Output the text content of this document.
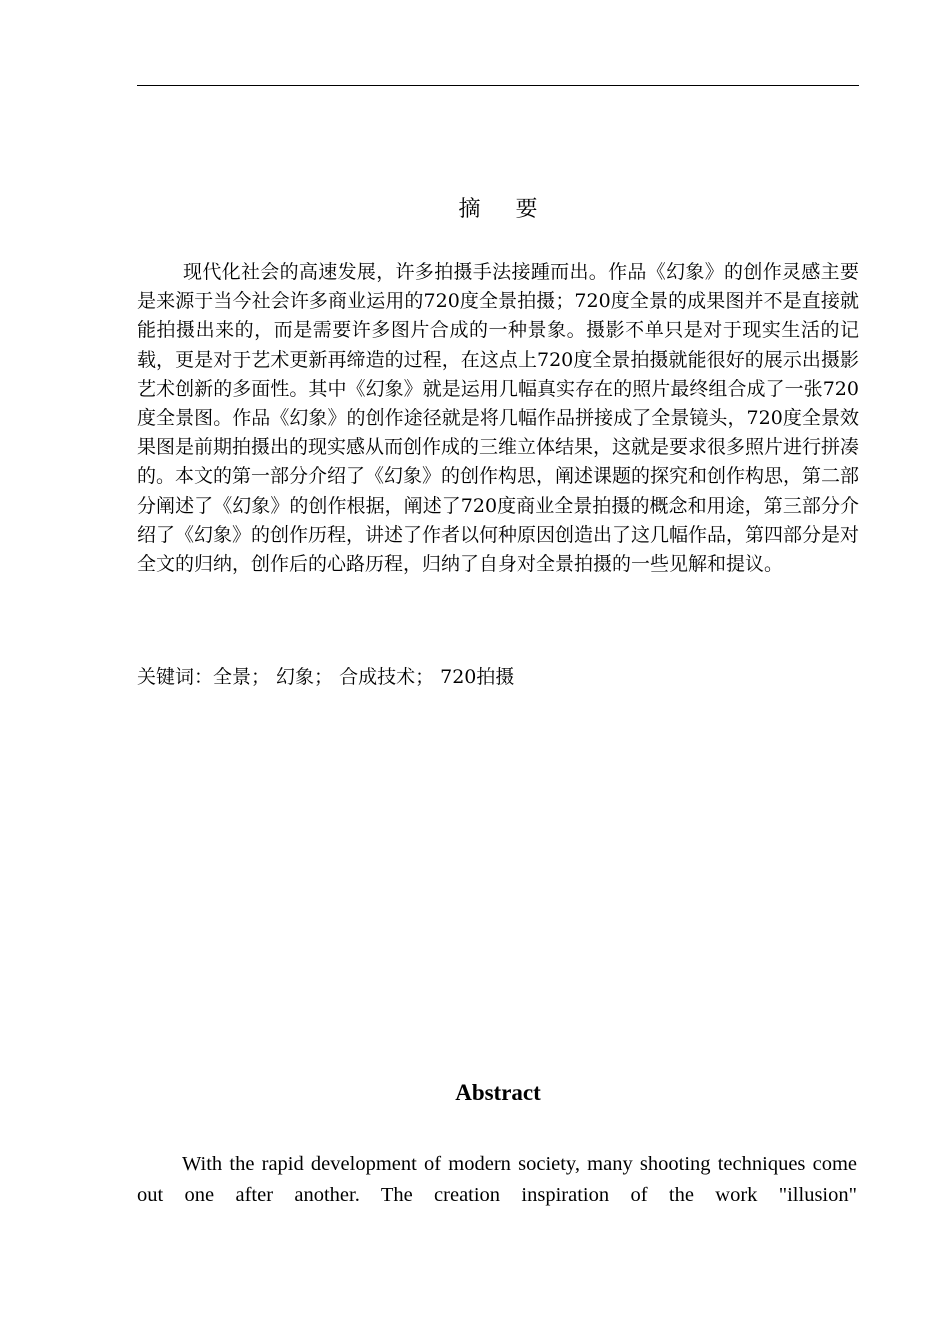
摘 要

现代化社会的高速发展，许多拍摄手法接踵而出。作品《幻象》的创作灵感主要是来源于当今社会许多商业运用的720度全景拍摄；720度全景的成果图并不是直接就能拍摄出来的，而是需要许多图片合成的一种景象。摄影不单只是对于现实生活的记载，更是对于艺术更新再缔造的过程，在这点上720度全景拍摄就能很好的展示出摄影艺术创新的多面性。其中《幻象》就是运用几幅真实存在的照片最终组合成了一张720度全景图。作品《幻象》的创作途径就是将几幅作品拼接成了全景镜头，720度全景效果图是前期拍摄出的现实感从而创作成的三维立体结果，这就是要求很多照片进行拼凑的。本文的第一部分介绍了《幻象》的创作构思，阐述课题的探究和创作构思，第二部分阐述了《幻象》的创作根据，阐述了720度商业全景拍摄的概念和用途，第三部分介绍了《幻象》的创作历程，讲述了作者以何种原因创造出了这几幅作品，第四部分是对全文的归纳，创作后的心路历程，归纳了自身对全景拍摄的一些见解和提议。

关键词：全景； 幻象； 合成技术； 720拍摄
Abstract

With the rapid development of modern society, many shooting techniques come out one after another. The creation inspiration of the work "illusion"
